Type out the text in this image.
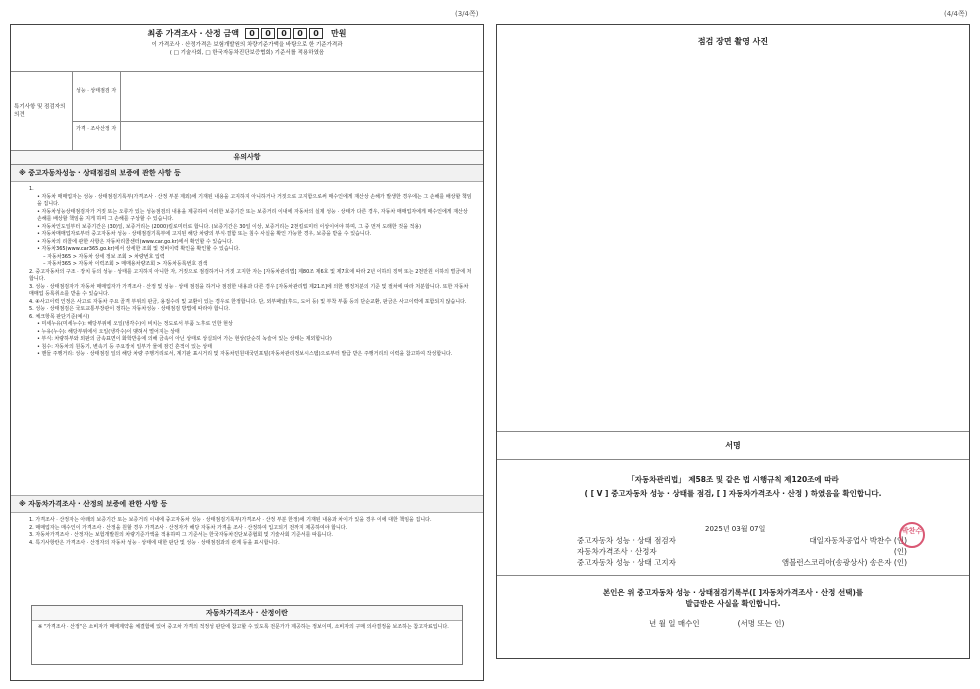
(3/4쪽)	(4/4쪽)
최종 가격조사 · 산정 금액	0	0	0	0	0	만원
이 가격조사 · 산정가격은 보험개발원의 차량기준가액을 바탕으로 한 기준가격과
( □ 기술사회, □ 한국자동차진단보증협회) 기준서를 적용하였음
특기사항 및 점검자의 의견
성능 · 상태점검 자
가격 · 조사산정 자
유의사항
※ 중고자동차성능 · 상태점검의 보증에 관한 사항 등
1.
• 자동차 매매업자는 성능 · 상태점검기록부(가격조사 · 산정 부분 제외)에 기재된 내용을 고지하지 아니하거나 거짓으로 고지함으로써 매수인에게 재산상 손해가 발생한 경우에는 그 손해를 배상할 책임을 집니다.
• 자동차성능상태점검자가 거짓 또는 오류가 있는 성능점검의 내용을 제공하여 이러한 보증기간 또는 보증거리 이내에 자동차의 실제 성능 · 상태가 다른 경우, 자동차 매매업자에게 매수인에게 재산상 손해를 배상할 책임을 지게 하며 그 손해를 구상할 수 있습니다.
• 자동차인도일부터 보증기간은 (30)일, 보증거리는 (2000)킬로미터로 합니다. (보증기간은 30일 이상, 보증거리는 2천킬로미터 이상이어야 하며, 그 중 먼저 도래한 것을 적용)
• 자동차매매업자로부터 중고자동차 성능 · 상태점검기록부에 고지된 해당 차량의 부식·결함 또는 침수 사실을 확인 가능한 경우, 보증을 받을 수 있습니다.
• 자동차의 리콜에 관한 사항은 자동차리콜센터(www.car.go.kr)에서 확인할 수 있습니다.
• 자동차365(www.car365.go.kr)에서 상세한 조회 및 정비이력 확인을 확인할 수 있습니다.
– 자동차365 > 자동차 상세 정보 조회 > 차량번호 입력
– 자동차365 > 자동차 이력조회 > 매매용차량조회 > 자동차등록번호 검색
2. 중고자동차의 구조 · 장치 등의 성능 · 상태를 고지하지 아니한 자, 거짓으로 점검하거나 거짓 고지한 자는 [자동차관리법] 제80조 제6호 및 제7호에 따라 2년 이하의 징역 또는 2천만원 이하의 벌금에 처합니다.
3. 성능 · 상태점검자가 자동차 매매업자가 가격조사 · 산정 및 성능 · 상태 점검을 하거나 점검한 내용과 다른 경우 [자동차관리법 제21조]에 의한 행정처분의 기준 및 절차에 따라 처분합니다. 또한 자동차매매업 등록취소를 받을 수 있습니다.
4. ④사고이력 인정은 사고로 자동차 주요 골격 부위의 판금, 용접수리 및 교환이 있는 경우로 한정합니다. 단, 외부패널(후드, 도어 등) 및 부착 부품 등의 단순교환, 판금은 사고이력에 포함되지 않습니다.
5. 성능 · 상태점검은 국토교통부장관이 정하는 자동차성능 · 상태점검 방법에 따라야 합니다.
6. 체크항목 판단기준(예시)
• 미세누유(미세누수): 해당부위에 오일(냉각수)이 비치는 정도로서 부품 노후로 인한 현상
• 누유(누수): 해당부위에서 오일(냉각수)이 맺혀서 떨어지는 상태
• 부식: 차량하부와 외판의 금속표면이 화학반응에 의해 금속이 아닌 상태로 상실되어 가는 현상(단순히 녹슬어 있는 상태는 제외합니다)
• 침수: 자동차의 원동기, 변속기 등 주요장치 일부가 물에 잠긴 흔적이 있는 상태
• 핸들 주행거리: 성능 · 상태점검 일의 해당 차량 주행거리로서, 계기판 표시거리 및 자동차민원대국민포털(자동차관리정보시스템)으로부터 발급 받은 주행거리의 이력을 참고하여 작성합니다.
※ 자동차가격조사 · 산정의 보증에 관한 사항 등
1. 가격조사 · 산정자는 아래의 보증기간 또는 보증거리 이내에 중고자동차 성능 · 상태점검기록부(가격조사 · 산정 부분 한정)에 기재된 내용과 차이가 있을 경우 이에 대한 책임을 집니다.
2. 매매업자는 매수인이 가격조사 · 산정을 원할 경우 가격조사 · 산정자가 해당 자동차 가격을 조사 · 산정하여 입고되기 전까지 제공하여야 합니다.
3. 자동차가격조사 · 산정자는 보험개발원의 차량기준가액을 적용하며 그 기준서는 한국자동차진단보증협회 및 기술사회 기준서를 따릅니다.
4. 특기사항란은 가격조사 · 산정자의 자동차 성능 · 상태에 대한 판단 및 성능 · 상태점검과의 관계 등을 표시합니다.
자동차가격조사 · 산정이란
※ "가격조사 · 산정"은 소비자가 매매계약을 체결함에 있어 중고차 가격의 적정성 판단에 참고할 수 있도록 전문가가 제공하는 정보이며, 소비자의 구매 의사결정을 보조하는 참고자료입니다.
점검 장면 촬영 사진
서명
「자동차관리법」 제58조 및 같은 법 시행규칙 제120조에 따라
( [ V ] 중고자동차 성능 · 상태를 점검, [ ] 자동차가격조사 · 산정 ) 하였음을 확인합니다.
2025년 03월 07일
중고자동차 성능 · 상태 점검자	대일자동차공업사 박찬수 (인)
자동차가격조사 · 산정자	(인)
중고자동차 성능 · 상태 고지자	앰블런스코리아(송광상사) 송은자 (인)
박찬수
본인은 위 중고자동차 성능 · 상태점검기록부([ ]자동차가격조사 · 산정 선택)를
발급받은 사실을 확인합니다.
년 월 일 매수인	(서명 또는 인)
